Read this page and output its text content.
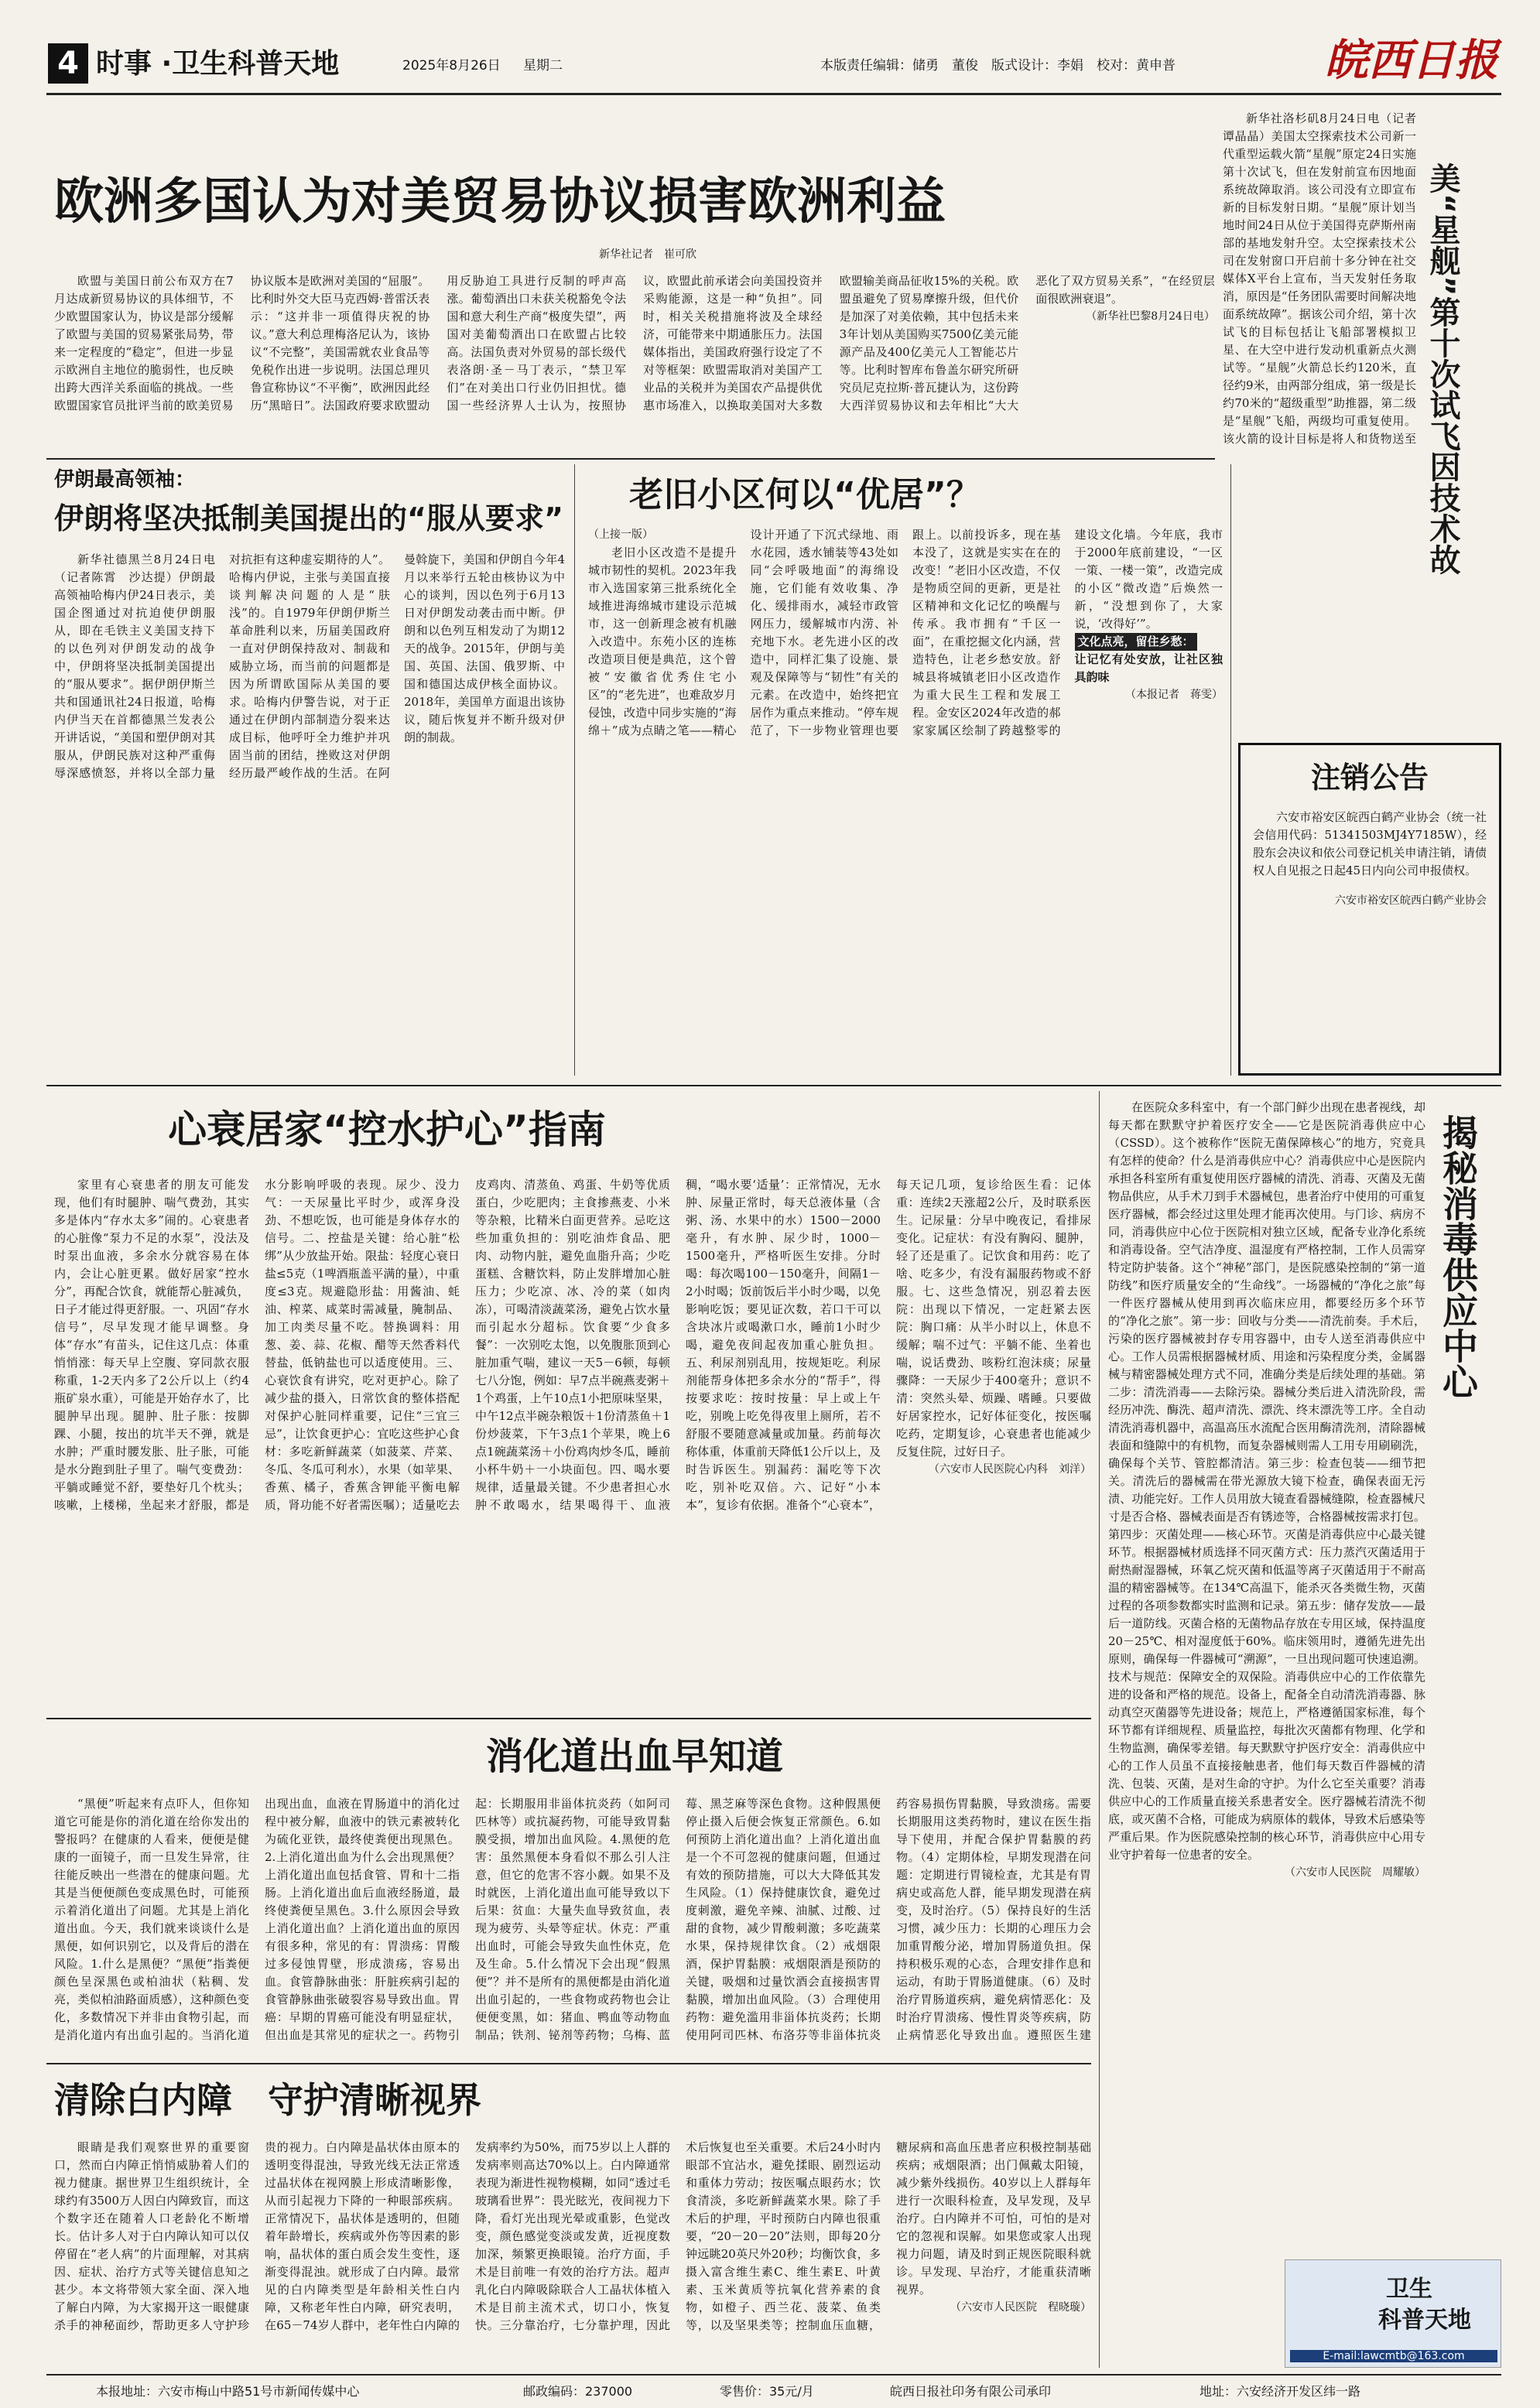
4 时事 ·卫生科普天地	2025年8月26日	星期二	本版责任编辑：储勇　董俊　版式设计：李娟　校对：黄申普	皖西日报
欧洲多国认为对美贸易协议损害欧洲利益
新华社记者　崔可欣

欧盟与美国日前公布双方在7月达成新贸易协议的具体细节，不少欧盟国家认为，协议是部分缓解了欧盟与美国的贸易紧张局势，带来一定程度的“稳定”，但进一步显示欧洲自主地位的脆弱性，也反映出跨大西洋关系面临的挑战。一些欧盟国家官员批评当前的欧美贸易协议版本是欧洲对美国的“屈服”。比利时外交大臣马克西姆·普雷沃表示：“这并非一项值得庆祝的协议。”意大利总理梅洛尼认为，该协议“不完整”，美国需就农业食品等免税作出进一步说明。法国总理贝鲁宣称协议“不平衡”，欧洲因此经历“黑暗日”。法国政府要求欧盟动用反胁迫工具进行反制的呼声高涨。葡萄酒出口未获关税豁免令法国和意大利生产商“极度失望”，两国对美葡萄酒出口在欧盟占比较高。法国负责对外贸易的部长级代表洛朗·圣－马丁表示，“禁卫军们”在对美出口行业仍旧担忧。德国一些经济界人士认为，按照协议，欧盟此前承诺会向美国投资并采购能源，这是一种“负担”。同时，相关关税措施将波及全球经济，可能带来中期通胀压力。法国媒体指出，美国政府强行设定了不对等框架：欧盟需取消对美国产工业品的关税并为美国农产品提供优惠市场准入，以换取美国对大多数欧盟输美商品征收15%的关税。欧盟虽避免了贸易摩擦升级，但代价是加深了对美依赖，其中包括未来3年计划从美国购买7500亿美元能源产品及400亿美元人工智能芯片等。比利时智库布鲁盖尔研究所研究员尼克拉斯·普瓦捷认为，这份跨大西洋贸易协议和去年相比“大大恶化了双方贸易关系”，“在经贸层面很欧洲衰退”。

（新华社巴黎8月24日电）
美“星舰”第十次试飞因技术故

新华社洛杉矶8月24日电（记者　谭晶晶）美国太空探索技术公司新一代重型运载火箭“星舰”原定24日实施第十次试飞，但在发射前宣布因地面系统故障取消。该公司没有立即宣布新的目标发射日期。“星舰”原计划当地时间24日从位于美国得克萨斯州南部的基地发射升空。太空探索技术公司在发射窗口开启前十多分钟在社交媒体X平台上宣布，当天发射任务取消，原因是“任务团队需要时间解决地面系统故障”。据该公司介绍，第十次试飞的目标包括让飞船部署模拟卫星、在大空中进行发动机重新点火测试等。“星舰”火箭总长约120米，直径约9米，由两部分组成，第一级是长约70米的“超级重型”助推器，第二级是“星舰”飞船，两级均可重复使用。该火箭的设计目标是将人和货物送至

伊朗最高领袖：
伊朗将坚决抵制美国提出的“服从要求”

新华社德黑兰8月24日电（记者陈霄　沙达提）伊朗最高领袖哈梅内伊24日表示，美国企图通过对抗迫使伊朗服从，即在毛铁主义美国支持下的以色列对伊朗发动的战争中，伊朗将坚决抵制美国提出的“服从要求”。据伊朗伊斯兰共和国通讯社24日报道，哈梅内伊当天在首都德黑兰发表公开讲话说，“美国和塑伊朗对其服从，伊朗民族对这种严重侮辱深感愤怒，并将以全部力量对抗拒有这种虚妄期待的人”。哈梅内伊说，主张与美国直接谈判解决问题的人是“肤浅”的。自1979年伊朗伊斯兰革命胜利以来，历届美国政府一直对伊朗保持敌对、制裁和威胁立场，而当前的问题都是因为所谓欧国际从美国的要求。哈梅内伊警告说，对于正通过在伊朗内部制造分裂来达成目标，他呼吁全力维护并巩固当前的团结，挫败这对伊朗经历最严峻作战的生活。在阿曼斡旋下，美国和伊朗自今年4月以来举行五轮由核协议为中心的谈判，因以色列于6月13日对伊朗发动袭击而中断。伊朗和以色列互相发动了为期12天的战争。2015年，伊朗与美国、英国、法国、俄罗斯、中国和德国达成伊核全面协议。2018年，美国单方面退出该协议，随后恢复并不断升级对伊朗的制裁。

老旧小区何以“优居”？
（上接一版）

老旧小区改造不是提升城市韧性的契机。2023年我市入选国家第三批系统化全域推进海绵城市建设示范城市，这一创新理念被有机融入改造中。东苑小区的连栋改造项目便是典范，这个曾被“安徽省优秀住宅小区”的“老先进”，也难敌岁月侵蚀，改造中同步实施的“海绵＋”成为点睛之笔——精心设计开通了下沉式绿地、雨水花园，透水铺装等43处如同“会呼吸地面”的海绵设施，它们能有效收集、净化、缓排雨水，减轻市政管网压力，缓解城市内涝、补充地下水。老先进小区的改造中，同样汇集了设施、景观及保障等与“韧性”有关的元素。在改造中，始终把宜居作为重点来推动。“停车规范了，下一步物业管理也要跟上。以前投诉多，现在基本没了，这就是实实在在的改变！”老旧小区改造，不仅是物质空间的更新，更是社区精神和文化记忆的唤醒与传承。我市拥有“千区一面”，在重挖掘文化内涵，营造特色，让老乡愁安放。舒城县将城镇老旧小区改造作为重大民生工程和发展工程。金安区2024年改造的郝家家属区绘制了跨越整零的建设文化墙。今年底，我市于2000年底前建设，“一区一策、一楼一策”，改造完成的小区“微改造”后焕然一新，“没想到你了，大家说，‘改得好’”。

文化点亮，留住乡愁：
让记忆有处安放，让社区独具韵味
（本报记者　蒋雯）
注销公告

六安市裕安区皖西白鹤产业协会（统一社会信用代码：51341503MJ4Y7185W），经股东会决议和依公司登记机关申请注销，请债权人自见报之日起45日内向公司申报债权。

六安市裕安区皖西白鹤产业协会
心衰居家“控水护心”指南

家里有心衰患者的朋友可能发现，他们有时腿肿、喘气费劲，其实多是体内“存水太多”闹的。心衰患者的心脏像“泵力不足的水泵”，没法及时泵出血液，多余水分就容易在体内，会让心脏更累。做好居家“控水分”，再配合饮食，就能帮心脏减负，日子才能过得更舒服。一、巩固“存水信号”，尽早发现才能早调整。身体“存水”有苗头，记住这几点：体重悄悄涨：每天早上空腹、穿同款衣服称重，1-2天内多了2公斤以上（约4瓶矿泉水重），可能是开始存水了，比腿肿早出现。腿肿、肚子胀：按脚踝、小腿，按出的坑半天不弹，就是水肿；严重时腰发胀、肚子胀，可能是水分跑到肚子里了。喘气变费劲：平躺或睡觉不舒，要垫好几个枕头；咳嗽，上楼梯，坐起来才舒服，都是水分影响呼吸的表现。尿少、没力气：一天尿量比平时少，或浑身没劲、不想吃饭，也可能是身体存水的信号。二、控盐是关键：给心脏“松绑”从少放盐开始。限盐：轻度心衰日盐≤5克（1啤酒瓶盖平满的量），中重度≤3克。规避隐形盐：用酱油、蚝油、榨菜、咸菜时需减量，腌制品、加工肉类尽量不吃。替换调料：用葱、姜、蒜、花椒、醋等天然香料代替盐，低钠盐也可以适度使用。三、心衰饮食有讲究，吃对更护心。除了减少盐的摄入，日常饮食的整体搭配对保护心脏同样重要，记住“三宜三忌”，让饮食更护心：宜吃这些护心食材：多吃新鲜蔬菜（如菠菜、芹菜、冬瓜、冬瓜可利水），水果（如苹果、香蕉、橘子，香蕉含钾能平衡电解质，肾功能不好者需医嘱）；适量吃去皮鸡肉、清蒸鱼、鸡蛋、牛奶等优质蛋白，少吃肥肉；主食掺燕麦、小米等杂粮，比精米白面更营养。忌吃这些加重负担的：别吃油炸食品、肥肉、动物内脏，避免血脂升高；少吃蛋糕、含糖饮料，防止发胖增加心脏压力；少吃凉、冰、冷的菜（如肉冻），可喝清淡蔬菜汤，避免占饮水量而引起水分超标。饮食要“少食多餐”：一次别吃太饱，以免腹胀顶到心脏加重气喘，建议一天5－6顿，每顿七八分饱，例如：早7点半碗燕麦粥＋1个鸡蛋，上午10点1小把原味坚果，中午12点半碗杂粮饭＋1份清蒸鱼＋1份炒菠菜，下午3点1个苹果，晚上6点1碗蔬菜汤＋小份鸡肉炒冬瓜，睡前小杯牛奶＋一小块面包。四、喝水要规律，适量最关键。不少患者担心水肿不敢喝水，结果喝得干、血液稠，“喝水要‘适量’：正常情况，无水肿、尿量正常时，每天总液体量（含粥、汤、水果中的水）1500－2000毫升，有水肿、尿少时，1000－1500毫升，严格听医生安排。分时喝：每次喝100－150毫升，间隔1－2小时喝；饭前饭后半小时少喝，以免影响吃饭；要见证次数，若口干可以含块冰片或喝漱口水，睡前1小时少喝，避免夜间起夜加重心脏负担。五、利尿剂别乱用，按规矩吃。利尿剂能帮身体把多余水分的“帮手”，得按要求吃：按时按量：早上或上午吃，别晚上吃免得夜里上厕所，若不舒服不要随意减量或加量。药前每次称体重，体重前天降低1公斤以上，及时告诉医生。别漏药：漏吃等下次吃，别补吃双倍。六、记好“小本本”，复诊有依据。准备个“心衰本”，每天记几项，复诊给医生看：记体重：连续2天涨超2公斤，及时联系医生。记尿量：分早中晚夜记，看排尿变化。记症状：有没有胸闷、腿肿，轻了还是重了。记饮食和用药：吃了啥、吃多少，有没有漏服药物或不舒服。七、这些急情况，别忍着去医院：出现以下情况，一定赶紧去医院：胸口痛：从半小时以上，休息不缓解；喘不过气：平躺不能、坐着也喘，说话费劲、咳粉红泡沫痰；尿量骤降：一天尿少于400毫升；意识不清：突然头晕、烦躁、嗜睡。只要做好居家控水，记好体征变化，按医嘱吃药，定期复诊，心衰患者也能减少反复住院，过好日子。

（六安市人民医院心内科　刘洋）
揭秘消毒供应中心

在医院众多科室中，有一个部门鲜少出现在患者视线，却每天都在默默守护着医疗安全——它是医院消毒供应中心（CSSD）。这个被称作“医院无菌保障核心”的地方，究竟具有怎样的使命？什么是消毒供应中心？消毒供应中心是医院内承担各科室所有重复使用医疗器械的清洗、消毒、灭菌及无菌物品供应，从手术刀到手术器械包，患者治疗中使用的可重复医疗器械，都会经过这里处理才能再次使用。与门诊、病房不同，消毒供应中心位于医院相对独立区域，配备专业净化系统和消毒设备。空气洁净度、温湿度有严格控制，工作人员需穿特定防护装备。这个“神秘”部门，是医院感染控制的“第一道防线”和医疗质量安全的“生命线”。一场器械的“净化之旅”每一件医疗器械从使用到再次临床应用，都要经历多个环节的“净化之旅”。第一步：回收与分类——清洗前奏。手术后，污染的医疗器械被封存专用容器中，由专人送至消毒供应中心。工作人员需根据器械材质、用途和污染程度分类，金属器械与精密器械处理方式不同，准确分类是后续处理的基础。第二步：清洗消毒——去除污染。器械分类后进入清洗阶段，需经历冲洗、酶洗、超声清洗、漂洗、终末漂洗等工序。全自动清洗消毒机器中，高温高压水流配合医用酶清洗剂，清除器械表面和缝隙中的有机物，而复杂器械则需人工用专用刷刷洗，确保每个关节、管腔都清洁。第三步：检查包装——细节把关。清洗后的器械需在带光源放大镜下检查，确保表面无污渍、功能完好。工作人员用放大镜查看器械缝隙，检查器械尺寸是否合格、器械表面是否有锈迹等，合格器械按需求打包。第四步：灭菌处理——核心环节。灭菌是消毒供应中心最关键环节。根据器械材质选择不同灭菌方式：压力蒸汽灭菌适用于耐热耐湿器械，环氧乙烷灭菌和低温等离子灭菌适用于不耐高温的精密器械等。在134℃高温下，能杀灭各类微生物，灭菌过程的各项参数都实时监测和记录。第五步：储存发放——最后一道防线。灭菌合格的无菌物品存放在专用区域，保持温度20－25℃、相对湿度低于60%。临床领用时，遵循先进先出原则，确保每一件器械可“溯源”，一旦出现问题可快速追溯。技术与规范：保障安全的双保险。消毒供应中心的工作依靠先进的设备和严格的规范。设备上，配备全自动清洗消毒器、脉动真空灭菌器等先进设备；规范上，严格遵循国家标准，每个环节都有详细规程、质量监控，每批次灭菌都有物理、化学和生物监测，确保零差错。每天默默守护医疗安全：消毒供应中心的工作人员虽不直接接触患者，他们每天数百件器械的清洗、包装、灭菌，是对生命的守护。为什么它至关重要？消毒供应中心的工作质量直接关系患者安全。医疗器械若清洗不彻底，或灭菌不合格，可能成为病原体的载体，导致术后感染等严重后果。作为医院感染控制的核心环节，消毒供应中心用专业守护着每一位患者的安全。

（六安市人民医院　周耀敏）
消化道出血早知道

“黑便”听起来有点吓人，但你知道它可能是你的消化道在给你发出的警报吗？在健康的人看来，便便是健康的一面镜子，而一旦发生异常，往往能反映出一些潜在的健康问题。尤其是当便便颜色变成黑色时，可能预示着消化道出了问题。尤其是上消化道出血。今天，我们就来谈谈什么是黑便，如何识别它，以及背后的潜在风险。1.什么是黑便？“黑便”指粪便颜色呈深黑色或柏油状（粘稠、发亮，类似柏油路面质感），这种颜色变化，多数情况下并非由食物引起，而是消化道内有出血引起的。当消化道出现出血，血液在胃肠道中的消化过程中被分解，血液中的铁元素被转化为硫化亚铁，最终使粪便出现黑色。2.上消化道出血为什么会出现黑便？上消化道出血包括食管、胃和十二指肠。上消化道出血后血液经肠道，最终使粪便呈黑色。3.什么原因会导致上消化道出血？上消化道出血的原因有很多种，常见的有：胃溃疡：胃酸过多侵蚀胃壁，形成溃疡，容易出血。食管静脉曲张：肝脏疾病引起的食管静脉曲张破裂容易导致出血。胃癌：早期的胃癌可能没有明显症状，但出血是其常见的症状之一。药物引起：长期服用非甾体抗炎药（如阿司匹林等）或抗凝药物，可能导致胃黏膜受损，增加出血风险。4.黑便的危害：虽然黑便本身看似不那么引人注意，但它的危害不容小觑。如果不及时就医，上消化道出血可能导致以下后果：贫血：大量失血导致贫血，表现为疲劳、头晕等症状。休克：严重出血时，可能会导致失血性休克，危及生命。5.什么情况下会出现“假黑便”？并不是所有的黑便都是由消化道出血引起的，一些食物或药物也会让便便变黑，如：猪血、鸭血等动物血制品；铁剂、铋剂等药物；乌梅、蓝莓、黑芝麻等深色食物。这种假黑便停止摄入后便会恢复正常颜色。6.如何预防上消化道出血？上消化道出血是一个不可忽视的健康问题，但通过有效的预防措施，可以大大降低其发生风险。（1）保持健康饮食，避免过度刺激，避免辛辣、油腻、过酸、过甜的食物，减少胃酸刺激；多吃蔬菜水果，保持规律饮食。（2）戒烟限酒，保护胃黏膜：戒烟限酒是预防的关键，吸烟和过量饮酒会直接损害胃黏膜，增加出血风险。（3）合理使用药物：避免滥用非甾体抗炎药；长期使用阿司匹林、布洛芬等非甾体抗炎药容易损伤胃黏膜，导致溃疡。需要长期服用这类药物时，建议在医生指导下使用，并配合保护胃黏膜的药物。（4）定期体检，早期发现潜在问题：定期进行胃镜检查，尤其是有胃病史或高危人群，能早期发现潜在病变，及时治疗。（5）保持良好的生活习惯，减少压力：长期的心理压力会加重胃酸分泌，增加胃肠道负担。保持积极乐观的心态，合理安排作息和运动，有助于胃肠道健康。（6）及时治疗胃肠道疾病，避免病情恶化：及时治疗胃溃疡、慢性胃炎等疾病，防止病情恶化导致出血。遵照医生建

清除白内障　守护清晰视界

眼睛是我们观察世界的重要窗口，然而白内障正悄悄威胁着人们的视力健康。据世界卫生组织统计，全球约有3500万人因白内障致盲，而这个数字还在随着人口老龄化不断增长。估计多人对于白内障认知可以仅停留在“老人病”的片面理解，对其病因、症状、治疗方式等关键信息知之甚少。本文将带领大家全面、深入地了解白内障，为大家揭开这一眼健康杀手的神秘面纱，帮助更多人守护珍贵的视力。白内障是晶状体由原本的透明变得混浊，导致光线无法正常透过晶状体在视网膜上形成清晰影像，从而引起视力下降的一种眼部疾病。正常情况下，晶状体是透明的，但随着年龄增长，疾病或外伤等因素的影响，晶状体的蛋白质会发生变性，逐渐变得混浊。就形成了白内障。最常见的白内障类型是年龄相关性白内障，又称老年性白内障，研究表明，在65－74岁人群中，老年性白内障的发病率约为50%，而75岁以上人群的发病率则高达70%以上。白内障通常表现为渐进性视物模糊，如同“透过毛玻璃看世界”：畏光眩光，夜间视力下降，看灯光出现光晕或重影，色觉改变，颜色感觉变淡或发黄，近视度数加深，频繁更换眼镜。治疗方面，手术是目前唯一有效的治疗方法。超声乳化白内障吸除联合人工晶状体植入术是目前主流术式，切口小，恢复快。三分靠治疗，七分靠护理，因此术后恢复也至关重要。术后24小时内眼部不宜沾水，避免揉眼、剧烈运动和重体力劳动；按医嘱点眼药水；饮食清淡，多吃新鲜蔬菜水果。除了手术后的护理，平时预防白内障也很重要，“20－20－20”法则，即每20分钟远眺20英尺外20秒；均衡饮食，多摄入富含维生素C、维生素E、叶黄素、玉米黄质等抗氧化营养素的食物，如橙子、西兰花、菠菜、鱼类等，以及坚果类等；控制血压血糖，糖尿病和高血压患者应积极控制基础疾病；戒烟限酒；出门佩戴太阳镜，减少紫外线损伤。40岁以上人群每年进行一次眼科检查，及早发现，及早治疗。白内障并不可怕，可怕的是对它的忽视和误解。如果您或家人出现视力问题，请及时到正规医院眼科就诊。早发现、早治疗，才能重获清晰视界。

（六安市人民医院　程晓璇）
卫生
科普天地
E-mail:lawcmtb@163.com
本报地址：六安市梅山中路51号市新闻传媒中心	邮政编码：237000	零售价：35元/月	皖西日报社印务有限公司承印	地址：六安经济开发区纬一路
